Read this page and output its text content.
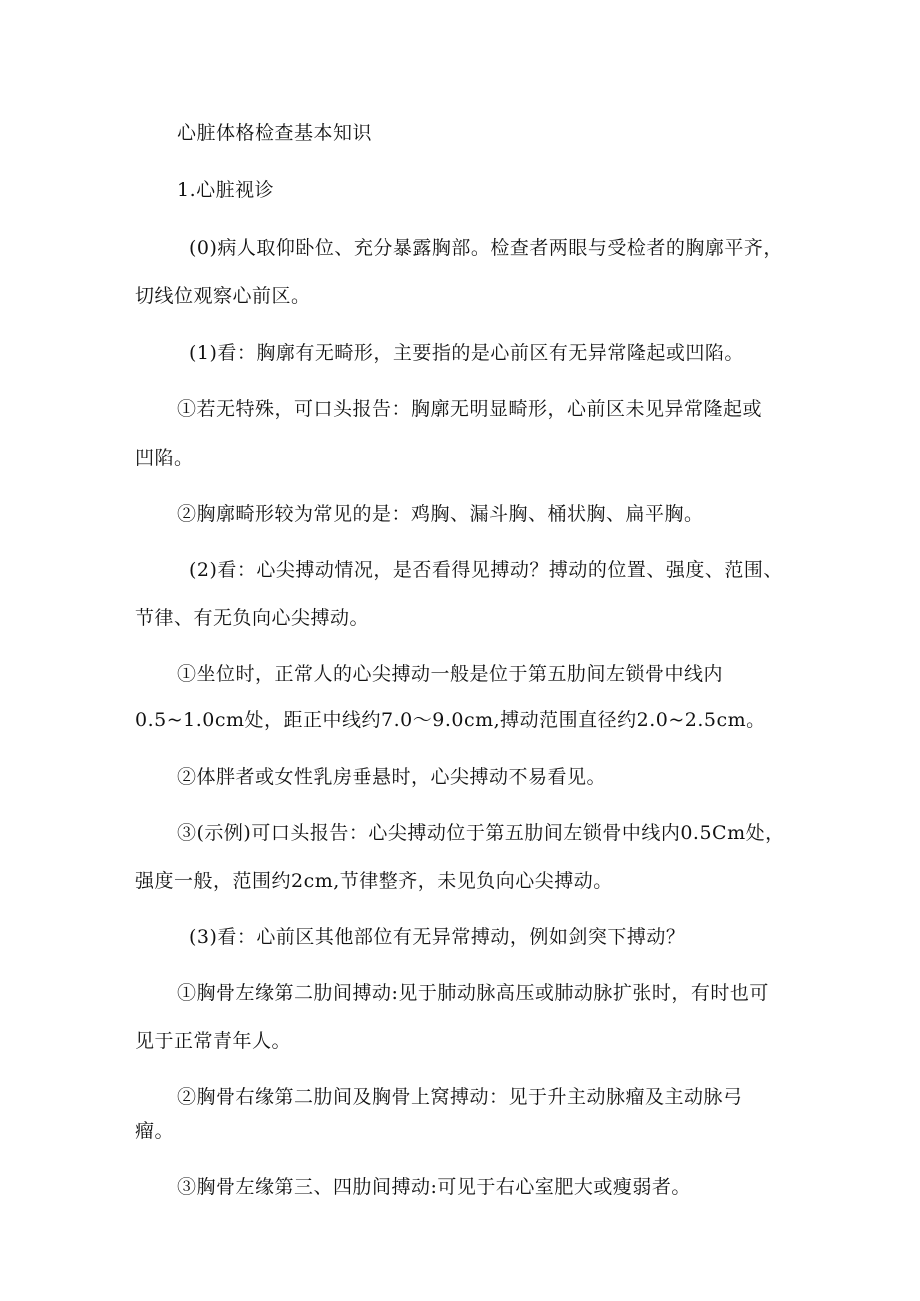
心脏体格检查基本知识
1.心脏视诊
(0)病人取仰卧位、充分暴露胸部。检查者两眼与受检者的胸廓平齐，
切线位观察心前区。
(1)看：胸廓有无畸形，主要指的是心前区有无异常隆起或凹陷。
①若无特殊，可口头报告：胸廓无明显畸形，心前区未见异常隆起或
凹陷。
②胸廓畸形较为常见的是：鸡胸、漏斗胸、桶状胸、扁平胸。
(2)看：心尖搏动情况，是否看得见搏动？搏动的位置、强度、范围、
节律、有无负向心尖搏动。
①坐位时，正常人的心尖搏动一般是位于第五肋间左锁骨中线内
0.5~1.0cm处，距正中线约7.0～9.0cm,搏动范围直径约2.0~2.5cm。
②体胖者或女性乳房垂悬时，心尖搏动不易看见。
③(示例)可口头报告：心尖搏动位于第五肋间左锁骨中线内0.5Cm处，
强度一般，范围约2cm,节律整齐，未见负向心尖搏动。
(3)看：心前区其他部位有无异常搏动，例如剑突下搏动？
①胸骨左缘第二肋间搏动:见于肺动脉高压或肺动脉扩张时，有时也可
见于正常青年人。
②胸骨右缘第二肋间及胸骨上窝搏动：见于升主动脉瘤及主动脉弓
瘤。
③胸骨左缘第三、四肋间搏动:可见于右心室肥大或瘦弱者。
